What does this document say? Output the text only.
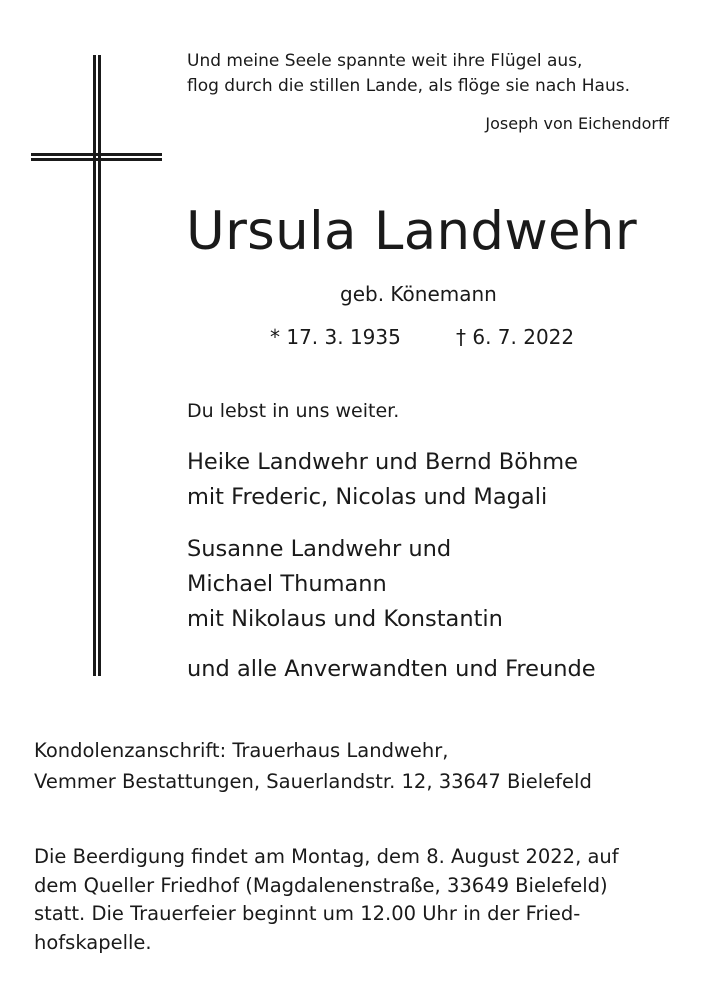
Und meine Seele spannte weit ihre Flügel aus,
flog durch die stillen Lande, als flöge sie nach Haus.
Joseph von Eichendorff
Ursula Landwehr
geb. Könemann
* 17. 3. 1935	† 6. 7. 2022
Du lebst in uns weiter.
Heike Landwehr und Bernd Böhme
mit Frederic, Nicolas und Magali
Susanne Landwehr und
Michael Thumann
mit Nikolaus und Konstantin
und alle Anverwandten und Freunde
Kondolenzanschrift: Trauerhaus Landwehr,
Vemmer Bestattungen, Sauerlandstr. 12, 33647 Bielefeld
Die Beerdigung findet am Montag, dem 8. August 2022, auf
dem Queller Friedhof (Magdalenenstraße, 33649 Bielefeld)
statt. Die Trauerfeier beginnt um 12.00 Uhr in der Fried-
hofskapelle.
